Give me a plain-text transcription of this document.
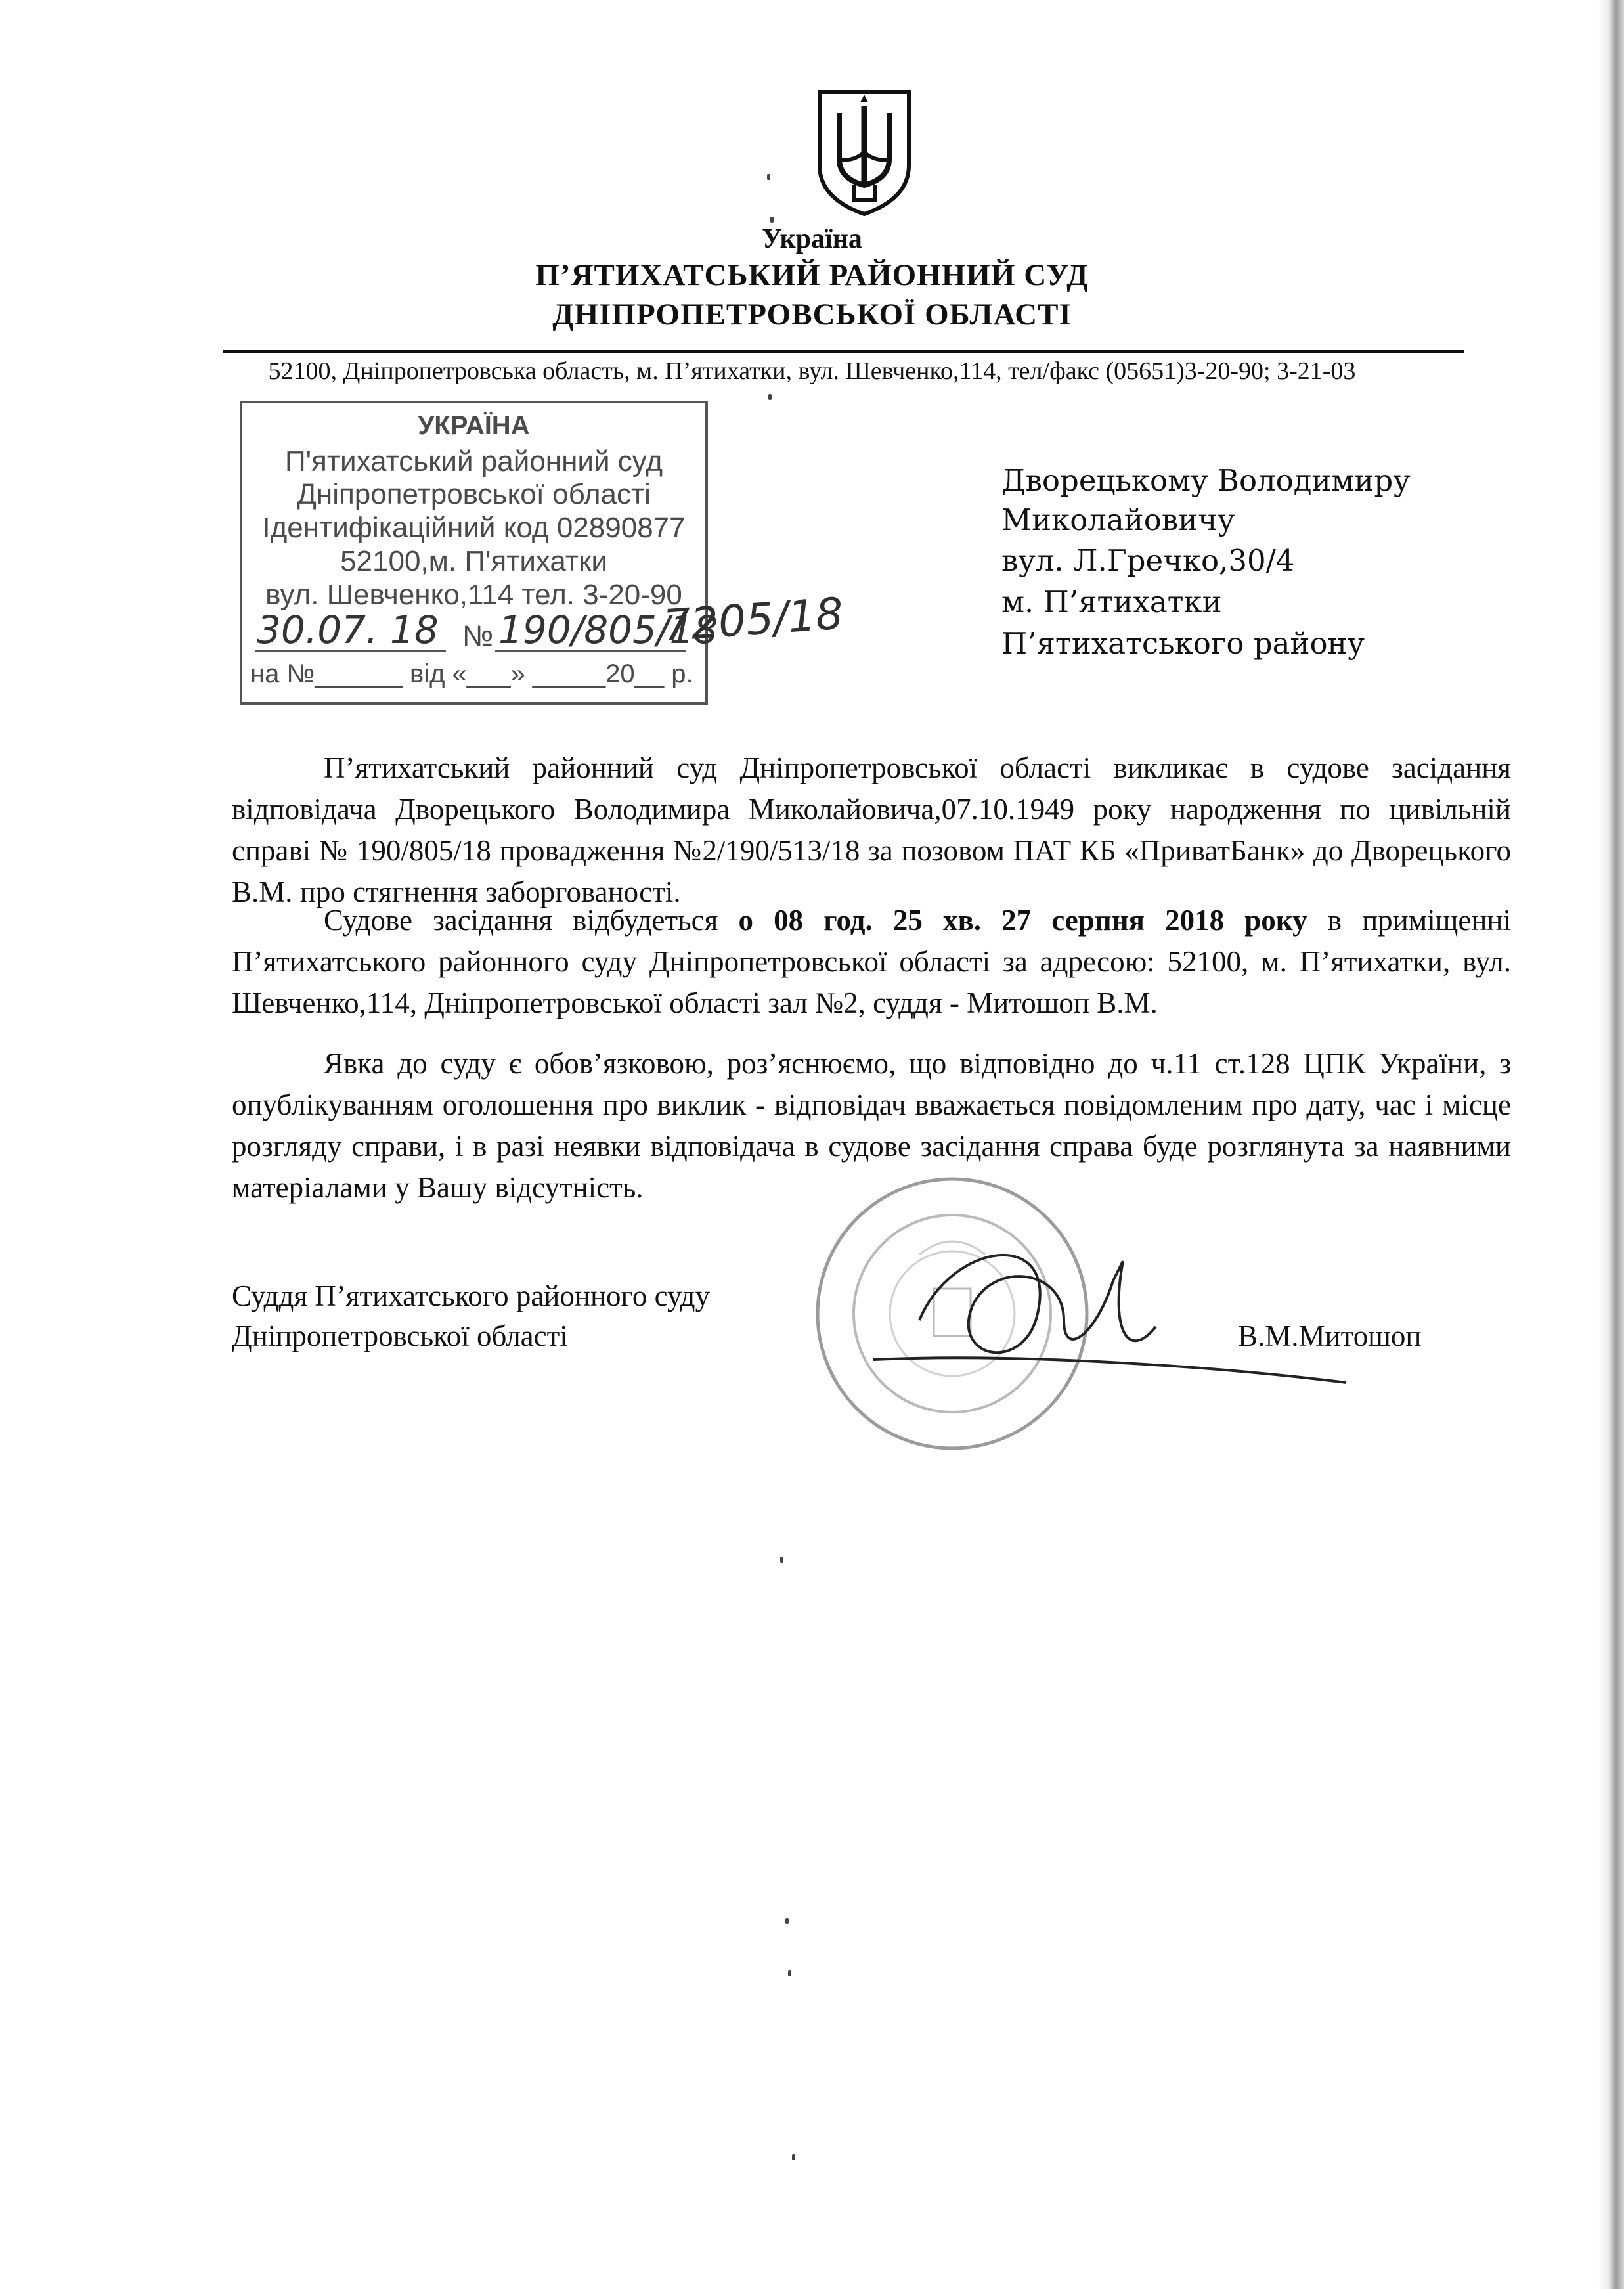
Україна
П’ЯТИХАТСЬКИЙ РАЙОННИЙ СУД
ДНІПРОПЕТРОВСЬКОЇ ОБЛАСТІ
52100, Дніпропетровська область, м. П’ятихатки, вул. Шевченко,114, тел/факс (05651)3-20-90; 3-21-03
УКРАЇНА
П'ятихатський районний суд
Дніпропетровської області
Ідентифікаційний код 02890877
52100,м. П'ятихатки
вул. Шевченко,114 тел. 3-20-90
30.07. 18 № 190/805/18
на №______ від «___» _____20__ р.
7205/18
Дворецькому Володимиру
Миколайовичу
вул. Л.Гречко,30/4
м. П’ятихатки
П’ятихатського району
П’ятихатський районний суд Дніпропетровської області викликає в судове засідання відповідача Дворецького Володимира Миколайовича,07.10.1949 року народження по цивільній справі № 190/805/18 провадження №2/190/513/18 за позовом ПАТ КБ «ПриватБанк» до Дворецького В.М. про стягнення заборгованості.
Судове засідання відбудеться о 08 год. 25 хв. 27 серпня 2018 року в приміщенні П’ятихатського районного суду Дніпропетровської області за адресою: 52100, м. П’ятихатки, вул. Шевченко,114, Дніпропетровської області зал №2, суддя - Митошоп В.М.
Явка до суду є обов’язковою, роз’яснюємо, що відповідно до ч.11 ст.128 ЦПК України, з опублікуванням оголошення про виклик - відповідач вважається повідомленим про дату, час і місце розгляду справи, і в разі неявки відповідача в судове засідання справа буде розглянута за наявними матеріалами у Вашу відсутність.
Суддя П’ятихатського районного суду
Дніпропетровської області	В.М.Митошоп
